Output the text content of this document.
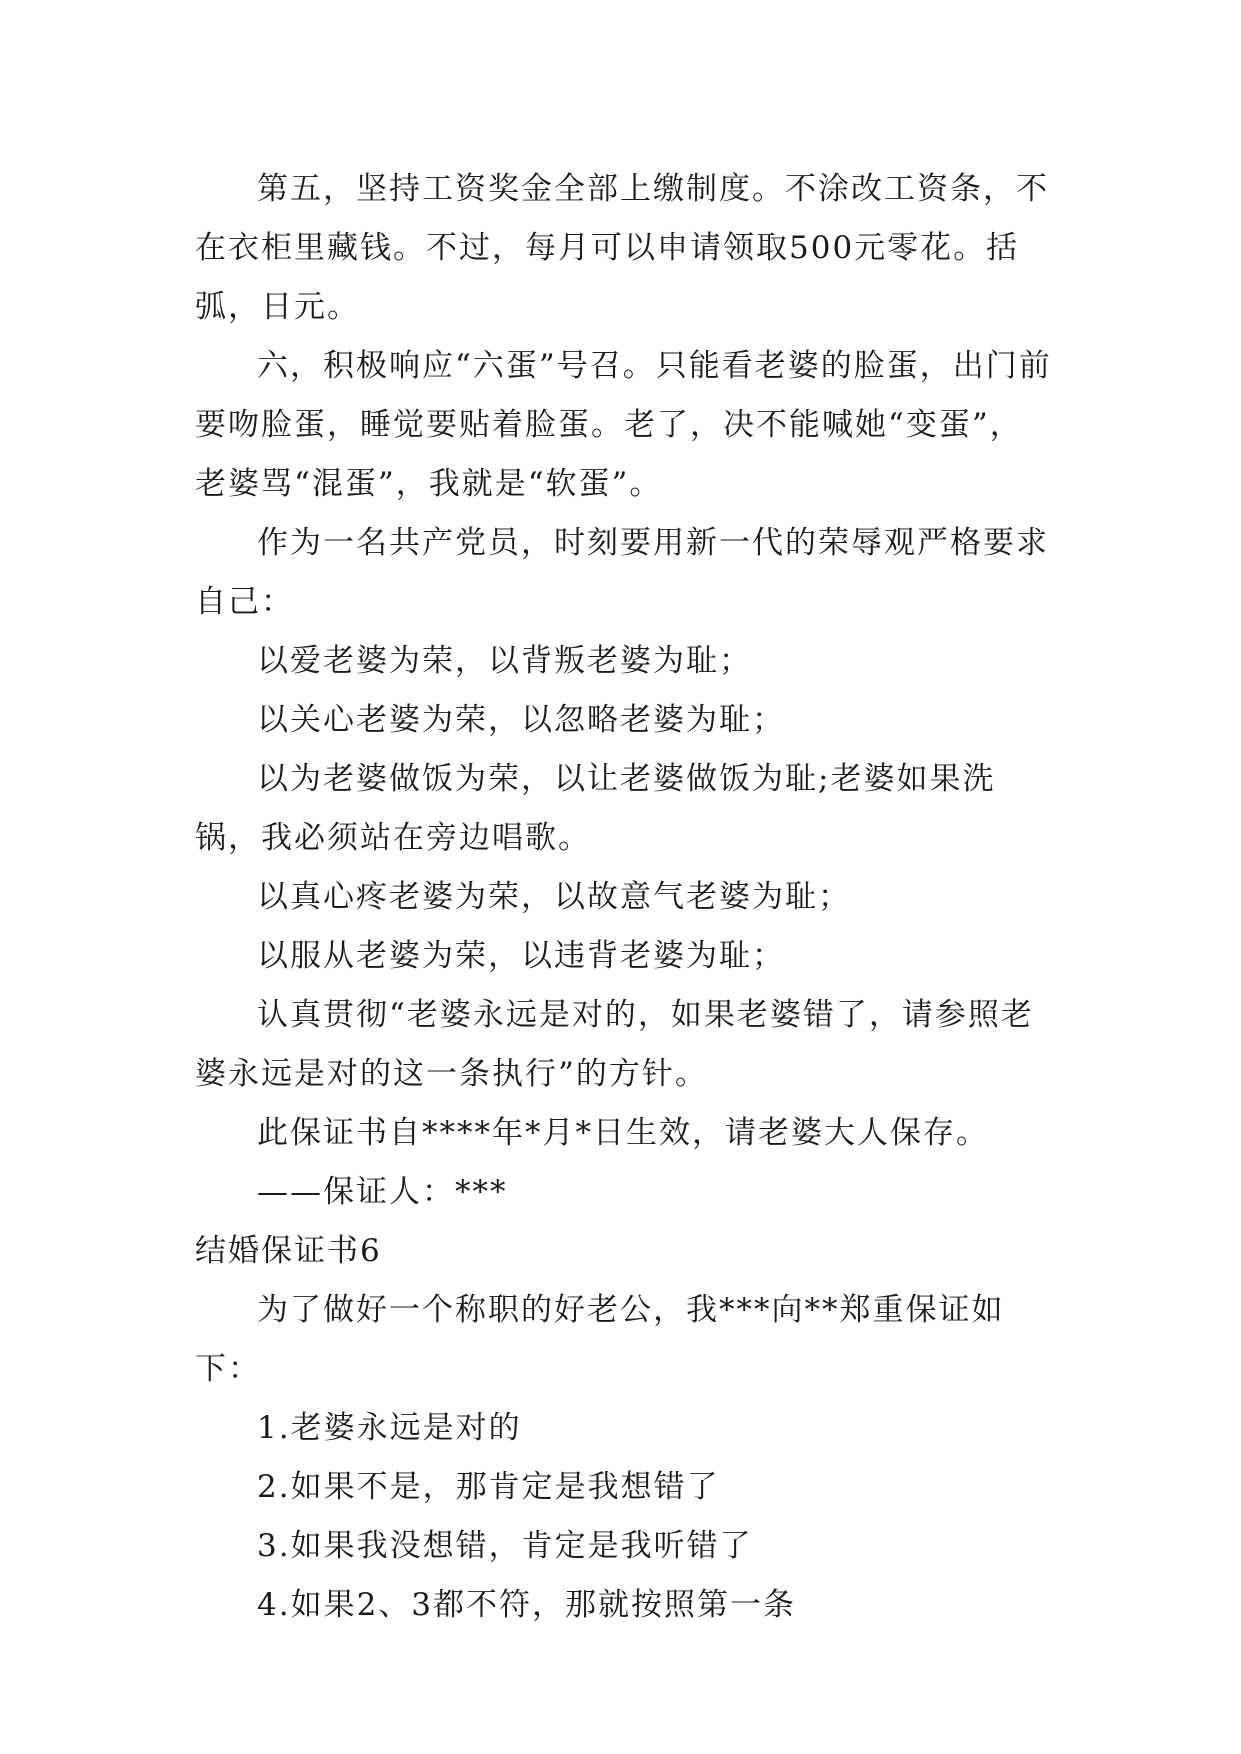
第五，坚持工资奖金全部上缴制度。不涂改工资条，不在衣柜里藏钱。不过，每月可以申请领取500元零花。括弧，日元。

六，积极响应“六蛋”号召。只能看老婆的脸蛋，出门前要吻脸蛋，睡觉要贴着脸蛋。老了，决不能喊她“变蛋”，老婆骂“混蛋”，我就是“软蛋”。

作为一名共产党员，时刻要用新一代的荣辱观严格要求自己：

以爱老婆为荣，以背叛老婆为耻；

以关心老婆为荣，以忽略老婆为耻；

以为老婆做饭为荣，以让老婆做饭为耻;老婆如果洗锅，我必须站在旁边唱歌。

以真心疼老婆为荣，以故意气老婆为耻；

以服从老婆为荣，以违背老婆为耻；

认真贯彻“老婆永远是对的，如果老婆错了，请参照老婆永远是对的这一条执行”的方针。

此保证书自****年*月*日生效，请老婆大人保存。

——保证人：***

结婚保证书6

为了做好一个称职的好老公，我***向**郑重保证如下：

1.老婆永远是对的

2.如果不是，那肯定是我想错了

3.如果我没想错，肯定是我听错了

4.如果2、3都不符，那就按照第一条
